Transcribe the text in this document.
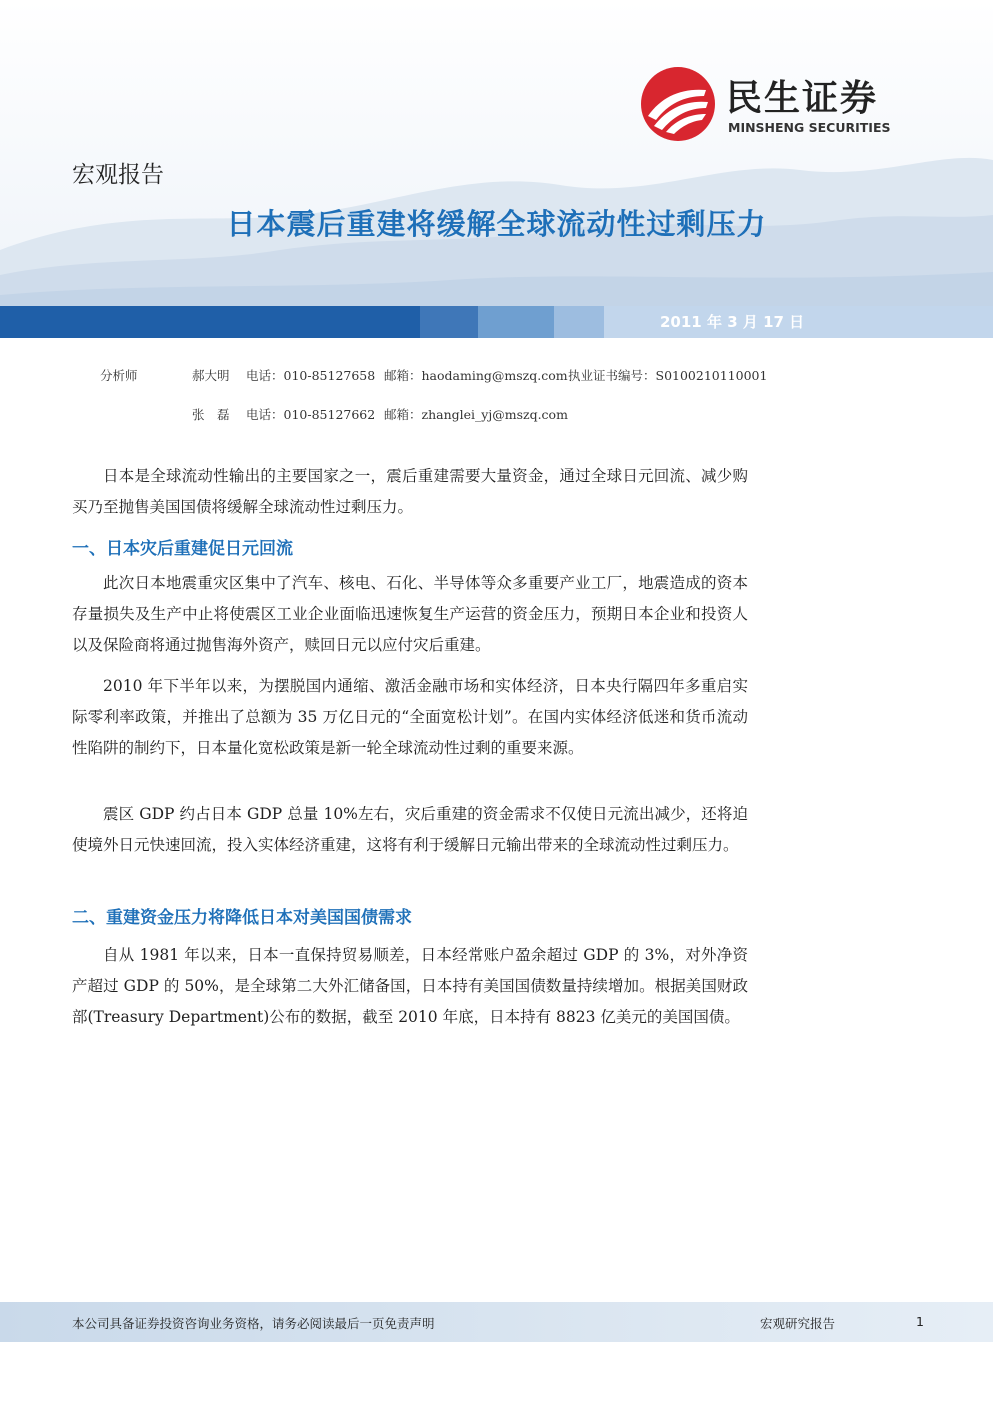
民生证券
MINSHENG SECURITIES
宏观报告
日本震后重建将缓解全球流动性过剩压力
2011 年 3 月 17 日
分析师	郝大明 电话：010-85127658 邮箱：haodaming@mszq.com 执业证书编号：S0100210110001
张　磊 电话：010-85127662 邮箱：zhanglei_yj@mszq.com
日本是全球流动性输出的主要国家之一，震后重建需要大量资金，通过全球日元回流、减少购买乃至抛售美国国债将缓解全球流动性过剩压力。
一、日本灾后重建促日元回流
此次日本地震重灾区集中了汽车、核电、石化、半导体等众多重要产业工厂，地震造成的资本存量损失及生产中止将使震区工业企业面临迅速恢复生产运营的资金压力，预期日本企业和投资人以及保险商将通过抛售海外资产，赎回日元以应付灾后重建。
2010 年下半年以来，为摆脱国内通缩、激活金融市场和实体经济，日本央行隔四年多重启实际零利率政策，并推出了总额为 35 万亿日元的“全面宽松计划”。在国内实体经济低迷和货币流动性陷阱的制约下，日本量化宽松政策是新一轮全球流动性过剩的重要来源。
震区 GDP 约占日本 GDP 总量 10%左右，灾后重建的资金需求不仅使日元流出减少，还将迫使境外日元快速回流，投入实体经济重建，这将有利于缓解日元输出带来的全球流动性过剩压力。
二、重建资金压力将降低日本对美国国债需求
自从 1981 年以来，日本一直保持贸易顺差，日本经常账户盈余超过 GDP 的 3%，对外净资产超过 GDP 的 50%，是全球第二大外汇储备国，日本持有美国国债数量持续增加。根据美国财政部(Treasury Department)公布的数据，截至 2010 年底，日本持有 8823 亿美元的美国国债。
本公司具备证券投资咨询业务资格，请务必阅读最后一页免责声明	宏观研究报告	1
